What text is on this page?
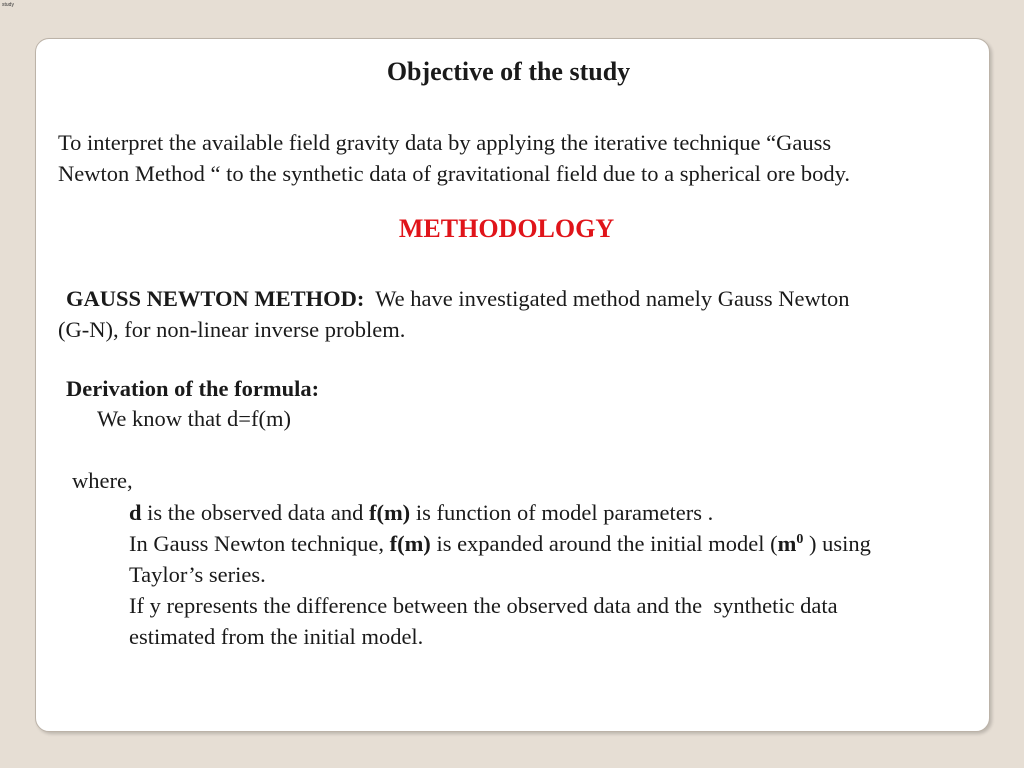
study
Objective of the study
To interpret the available field gravity data by applying the iterative technique “Gauss
Newton Method “ to the synthetic data of gravitational field due to a spherical ore body.
METHODOLOGY
GAUSS NEWTON METHOD:  We have investigated method namely Gauss Newton
(G-N), for non-linear inverse problem.
Derivation of the formula:
We know that d=f(m)
where,
d is the observed data and f(m) is function of model parameters .
In Gauss Newton technique, f(m) is expanded around the initial model ($m^0$ ) using
Taylor’s series.
If y represents the difference between the observed data and the  synthetic data
estimated from the initial model.
